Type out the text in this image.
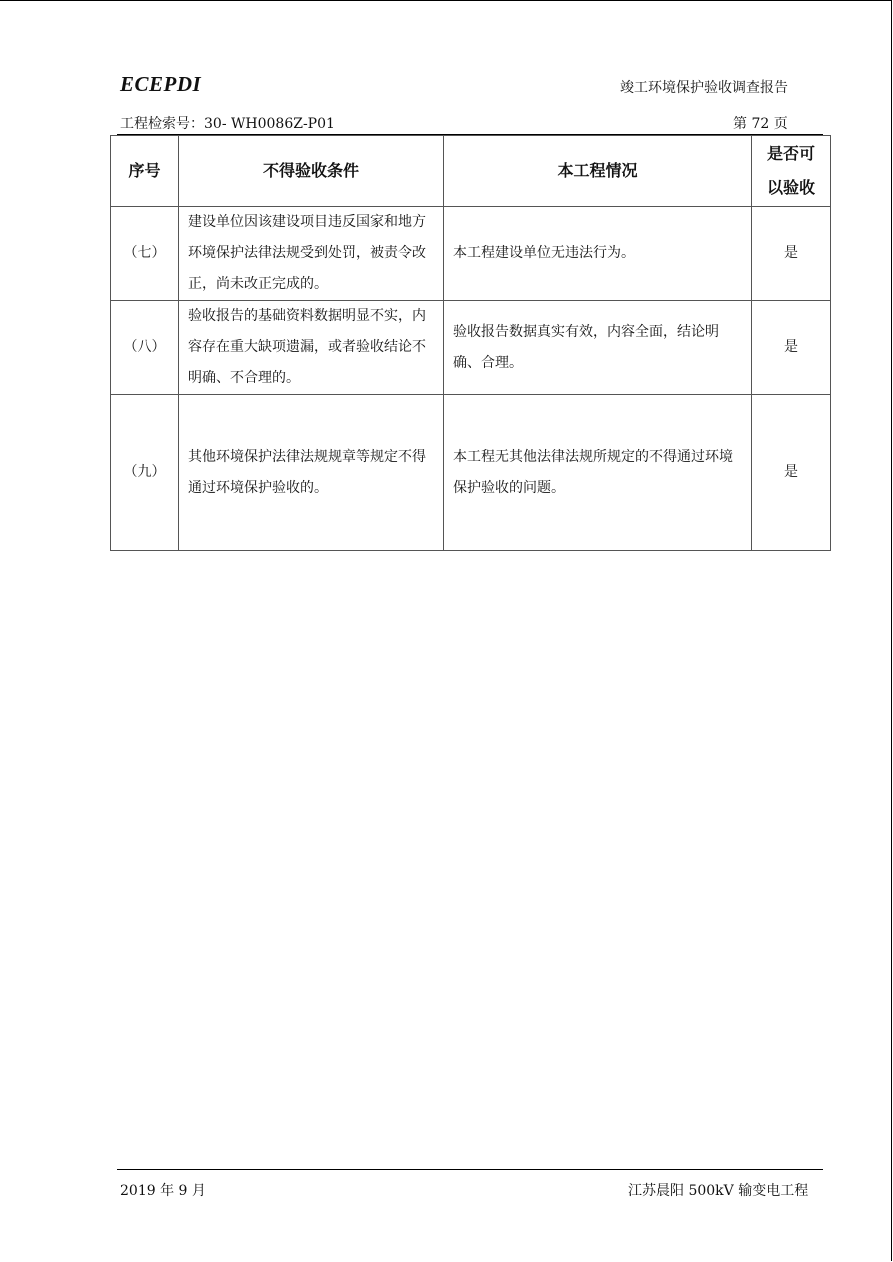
ECEPDI	竣工环境保护验收调查报告
工程检索号：30- WH0086Z-P01	第 72 页
序号	不得验收条件	本工程情况	是否可以验收
（七）	建设单位因该建设项目违反国家和地方环境保护法律法规受到处罚，被责令改正，尚未改正完成的。	本工程建设单位无违法行为。	是
（八）	验收报告的基础资料数据明显不实，内容存在重大缺项遗漏，或者验收结论不明确、不合理的。	验收报告数据真实有效，内容全面，结论明确、合理。	是
（九）	其他环境保护法律法规规章等规定不得通过环境保护验收的。	本工程无其他法律法规所规定的不得通过环境保护验收的问题。	是
2019 年 9 月	江苏晨阳 500kV 输变电工程
